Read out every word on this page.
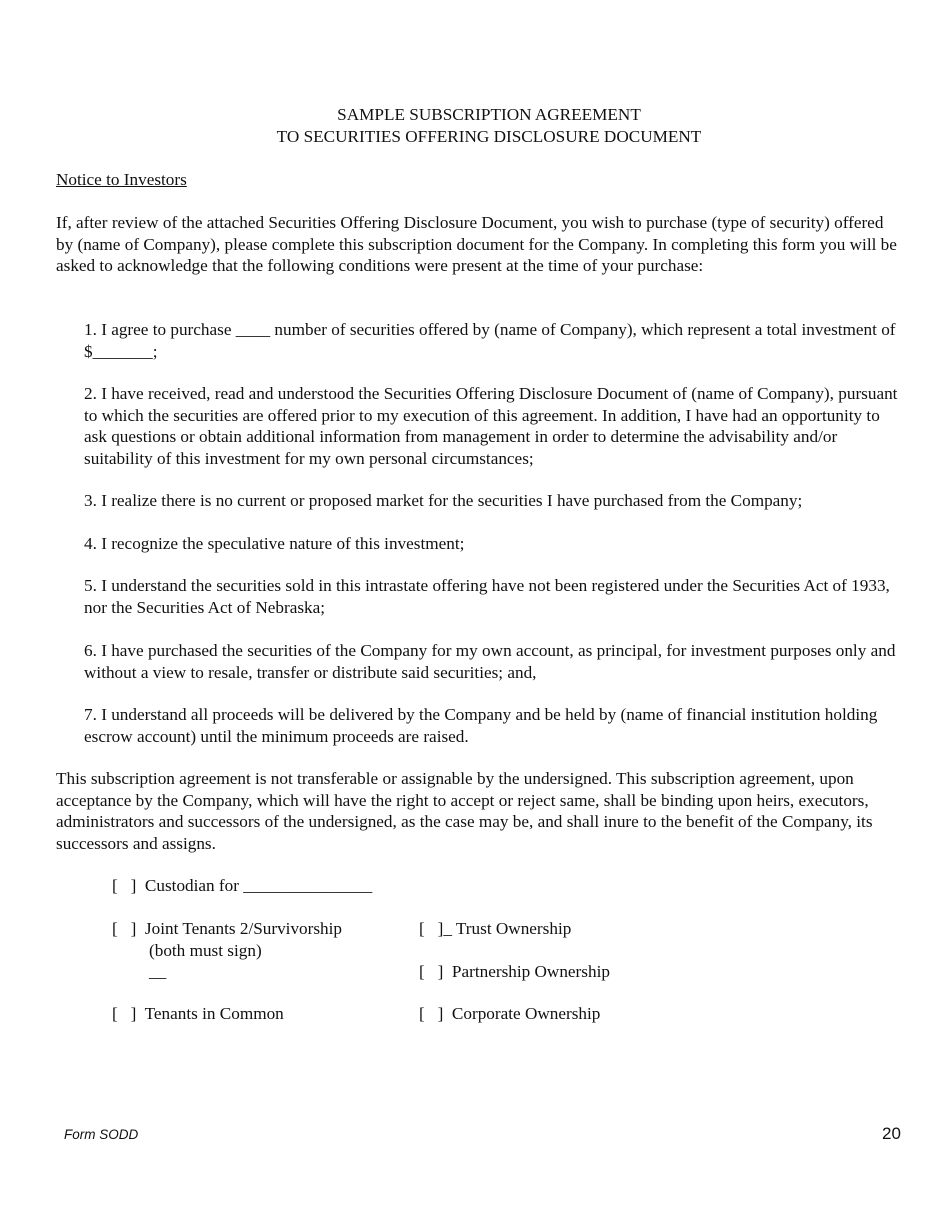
SAMPLE SUBSCRIPTION AGREEMENT
TO SECURITIES OFFERING DISCLOSURE DOCUMENT
Notice to Investors

If, after review of the attached Securities Offering Disclosure Document, you wish to purchase (type of security) offered by (name of Company), please complete this subscription document for the Company. In completing this form you will be asked to acknowledge that the following conditions were present at the time of your purchase:

1. I agree to purchase ____ number of securities offered by (name of Company), which represent a total investment of $_______;

2. I have received, read and understood the Securities Offering Disclosure Document of (name of Company), pursuant to which the securities are offered prior to my execution of this agreement. In addition, I have had an opportunity to ask questions or obtain additional information from management in order to determine the advisability and/or suitability of this investment for my own personal circumstances;

3. I realize there is no current or proposed market for the securities I have purchased from the Company;

4. I recognize the speculative nature of this investment;

5. I understand the securities sold in this intrastate offering have not been registered under the Securities Act of 1933, nor the Securities Act of Nebraska;

6. I have purchased the securities of the Company for my own account, as principal, for investment purposes only and without a view to resale, transfer or distribute said securities; and,

7. I understand all proceeds will be delivered by the Company and be held by (name of financial institution holding escrow account) until the minimum proceeds are raised.

This subscription agreement is not transferable or assignable by the undersigned. This subscription agreement, upon acceptance by the Company, which will have the right to accept or reject same, shall be binding upon heirs, executors, administrators and successors of the undersigned, as the case may be, and shall inure to the benefit of the Company, its successors and assigns.

[   ]  Custodian for _______________
[   ]  Joint Tenants 2/Survivorship
(both must sign)
__
[   ]_ Trust Ownership
[   ]  Partnership Ownership
[   ]  Tenants in Common	[   ]  Corporate Ownership
Form SODD	20
